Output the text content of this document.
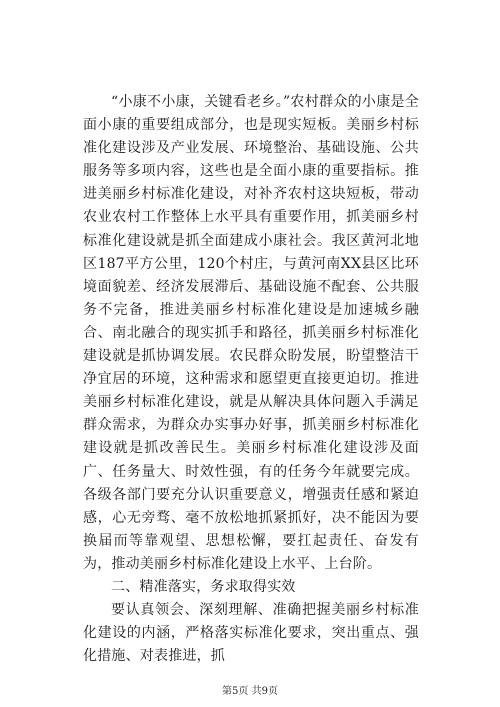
“小康不小康，关键看老乡。”农村群众的小康是全面小康的重要组成部分，也是现实短板。美丽乡村标准化建设涉及产业发展、环境整治、基础设施、公共服务等多项内容，这些也是全面小康的重要指标。推进美丽乡村标准化建设，对补齐农村这块短板，带动农业农村工作整体上水平具有重要作用，抓美丽乡村标准化建设就是抓全面建成小康社会。我区黄河北地区187平方公里，120个村庄，与黄河南XX县区比环境面貌差、经济发展滞后、基础设施不配套、公共服务不完备，推进美丽乡村标准化建设是加速城乡融合、南北融合的现实抓手和路径，抓美丽乡村标准化建设就是抓协调发展。农民群众盼发展，盼望整洁干净宜居的环境，这种需求和愿望更直接更迫切。推进美丽乡村标准化建设，就是从解决具体问题入手满足群众需求，为群众办实事办好事，抓美丽乡村标准化建设就是抓改善民生。美丽乡村标准化建设涉及面广、任务量大、时效性强，有的任务今年就要完成。各级各部门要充分认识重要意义，增强责任感和紧迫感，心无旁骛、毫不放松地抓紧抓好，决不能因为要换届而等靠观望、思想松懈，要扛起责任、奋发有为，推动美丽乡村标准化建设上水平、上台阶。

二、精准落实，务求取得实效

要认真领会、深刻理解、准确把握美丽乡村标准化建设的内涵，严格落实标准化要求，突出重点、强化措施、对表推进，抓

第5页 共9页
